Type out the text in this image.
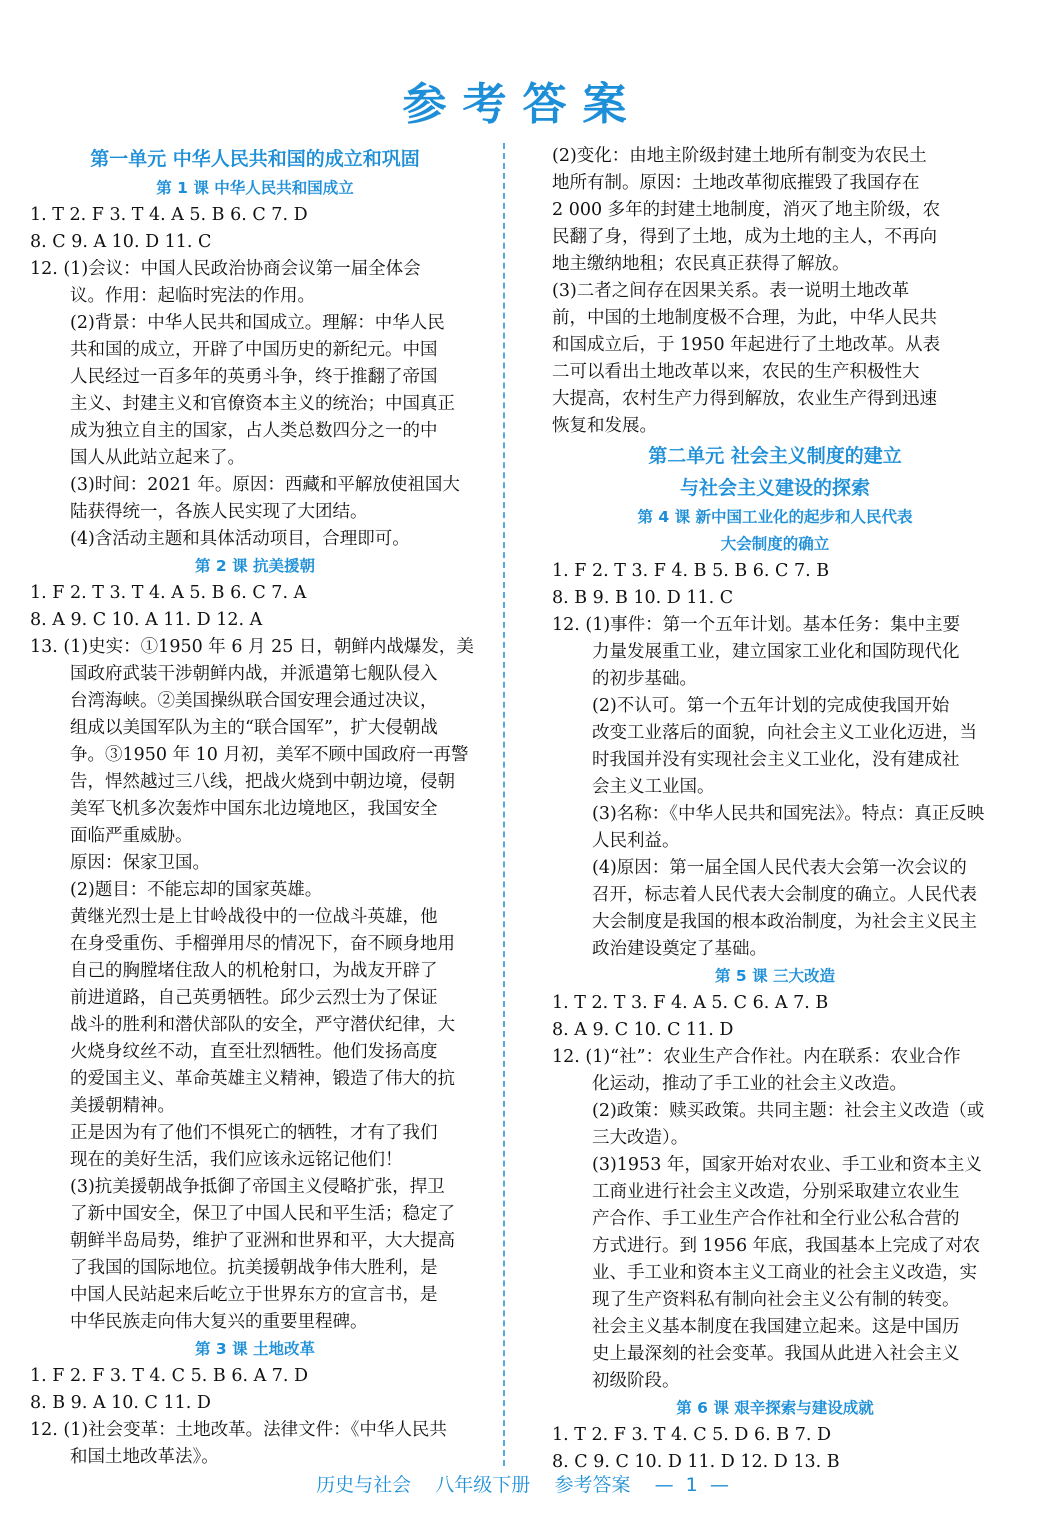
参考答案
第一单元 中华人民共和国的成立和巩固
第 1 课 中华人民共和国成立
1. T 2. F 3. T 4. A 5. B 6. C 7. D
8. C 9. A 10. D 11. C
12. (1)会议：中国人民政治协商会议第一届全体会
议。作用：起临时宪法的作用。
(2)背景：中华人民共和国成立。理解：中华人民
共和国的成立，开辟了中国历史的新纪元。中国
人民经过一百多年的英勇斗争，终于推翻了帝国
主义、封建主义和官僚资本主义的统治；中国真正
成为独立自主的国家，占人类总数四分之一的中
国人从此站立起来了。
(3)时间：2021 年。原因：西藏和平解放使祖国大
陆获得统一，各族人民实现了大团结。
(4)含活动主题和具体活动项目，合理即可。
第 2 课 抗美援朝
1. F 2. T 3. T 4. A 5. B 6. C 7. A
8. A 9. C 10. A 11. D 12. A
13. (1)史实：①1950 年 6 月 25 日，朝鲜内战爆发，美
国政府武装干涉朝鲜内战，并派遣第七舰队侵入
台湾海峡。②美国操纵联合国安理会通过决议，
组成以美国军队为主的“联合国军”，扩大侵朝战
争。③1950 年 10 月初，美军不顾中国政府一再警
告，悍然越过三八线，把战火烧到中朝边境，侵朝
美军飞机多次轰炸中国东北边境地区，我国安全
面临严重威胁。
原因：保家卫国。
(2)题目：不能忘却的国家英雄。
黄继光烈士是上甘岭战役中的一位战斗英雄，他
在身受重伤、手榴弹用尽的情况下，奋不顾身地用
自己的胸膛堵住敌人的机枪射口，为战友开辟了
前进道路，自己英勇牺牲。邱少云烈士为了保证
战斗的胜利和潜伏部队的安全，严守潜伏纪律，大
火烧身纹丝不动，直至壮烈牺牲。他们发扬高度
的爱国主义、革命英雄主义精神，锻造了伟大的抗
美援朝精神。
正是因为有了他们不惧死亡的牺牲，才有了我们
现在的美好生活，我们应该永远铭记他们！
(3)抗美援朝战争抵御了帝国主义侵略扩张，捍卫
了新中国安全，保卫了中国人民和平生活；稳定了
朝鲜半岛局势，维护了亚洲和世界和平，大大提高
了我国的国际地位。抗美援朝战争伟大胜利，是
中国人民站起来后屹立于世界东方的宣言书，是
中华民族走向伟大复兴的重要里程碑。
第 3 课 土地改革
1. F 2. F 3. T 4. C 5. B 6. A 7. D
8. B 9. A 10. C 11. D
12. (1)社会变革：土地改革。法律文件：《中华人民共
和国土地改革法》。
(2)变化：由地主阶级封建土地所有制变为农民土
地所有制。原因：土地改革彻底摧毁了我国存在
2 000 多年的封建土地制度，消灭了地主阶级，农
民翻了身，得到了土地，成为土地的主人，不再向
地主缴纳地租；农民真正获得了解放。
(3)二者之间存在因果关系。表一说明土地改革
前，中国的土地制度极不合理，为此，中华人民共
和国成立后，于 1950 年起进行了土地改革。从表
二可以看出土地改革以来，农民的生产积极性大
大提高，农村生产力得到解放，农业生产得到迅速
恢复和发展。
第二单元 社会主义制度的建立
与社会主义建设的探索
第 4 课 新中国工业化的起步和人民代表
大会制度的确立
1. F 2. T 3. F 4. B 5. B 6. C 7. B
8. B 9. B 10. D 11. C
12. (1)事件：第一个五年计划。基本任务：集中主要
力量发展重工业，建立国家工业化和国防现代化
的初步基础。
(2)不认可。第一个五年计划的完成使我国开始
改变工业落后的面貌，向社会主义工业化迈进，当
时我国并没有实现社会主义工业化，没有建成社
会主义工业国。
(3)名称：《中华人民共和国宪法》。特点：真正反映
人民利益。
(4)原因：第一届全国人民代表大会第一次会议的
召开，标志着人民代表大会制度的确立。人民代表
大会制度是我国的根本政治制度，为社会主义民主
政治建设奠定了基础。
第 5 课 三大改造
1. T 2. T 3. F 4. A 5. C 6. A 7. B
8. A 9. C 10. C 11. D
12. (1)“社”：农业生产合作社。内在联系：农业合作
化运动，推动了手工业的社会主义改造。
(2)政策：赎买政策。共同主题：社会主义改造（或
三大改造）。
(3)1953 年，国家开始对农业、手工业和资本主义
工商业进行社会主义改造，分别采取建立农业生
产合作、手工业生产合作社和全行业公私合营的
方式进行。到 1956 年底，我国基本上完成了对农
业、手工业和资本主义工商业的社会主义改造，实
现了生产资料私有制向社会主义公有制的转变。
社会主义基本制度在我国建立起来。这是中国历
史上最深刻的社会变革。我国从此进入社会主义
初级阶段。
第 6 课 艰辛探索与建设成就
1. T 2. F 3. T 4. C 5. D 6. B 7. D
8. C 9. C 10. D 11. D 12. D 13. B
历史与社会    八年级下册    参考答案    —  1  —
